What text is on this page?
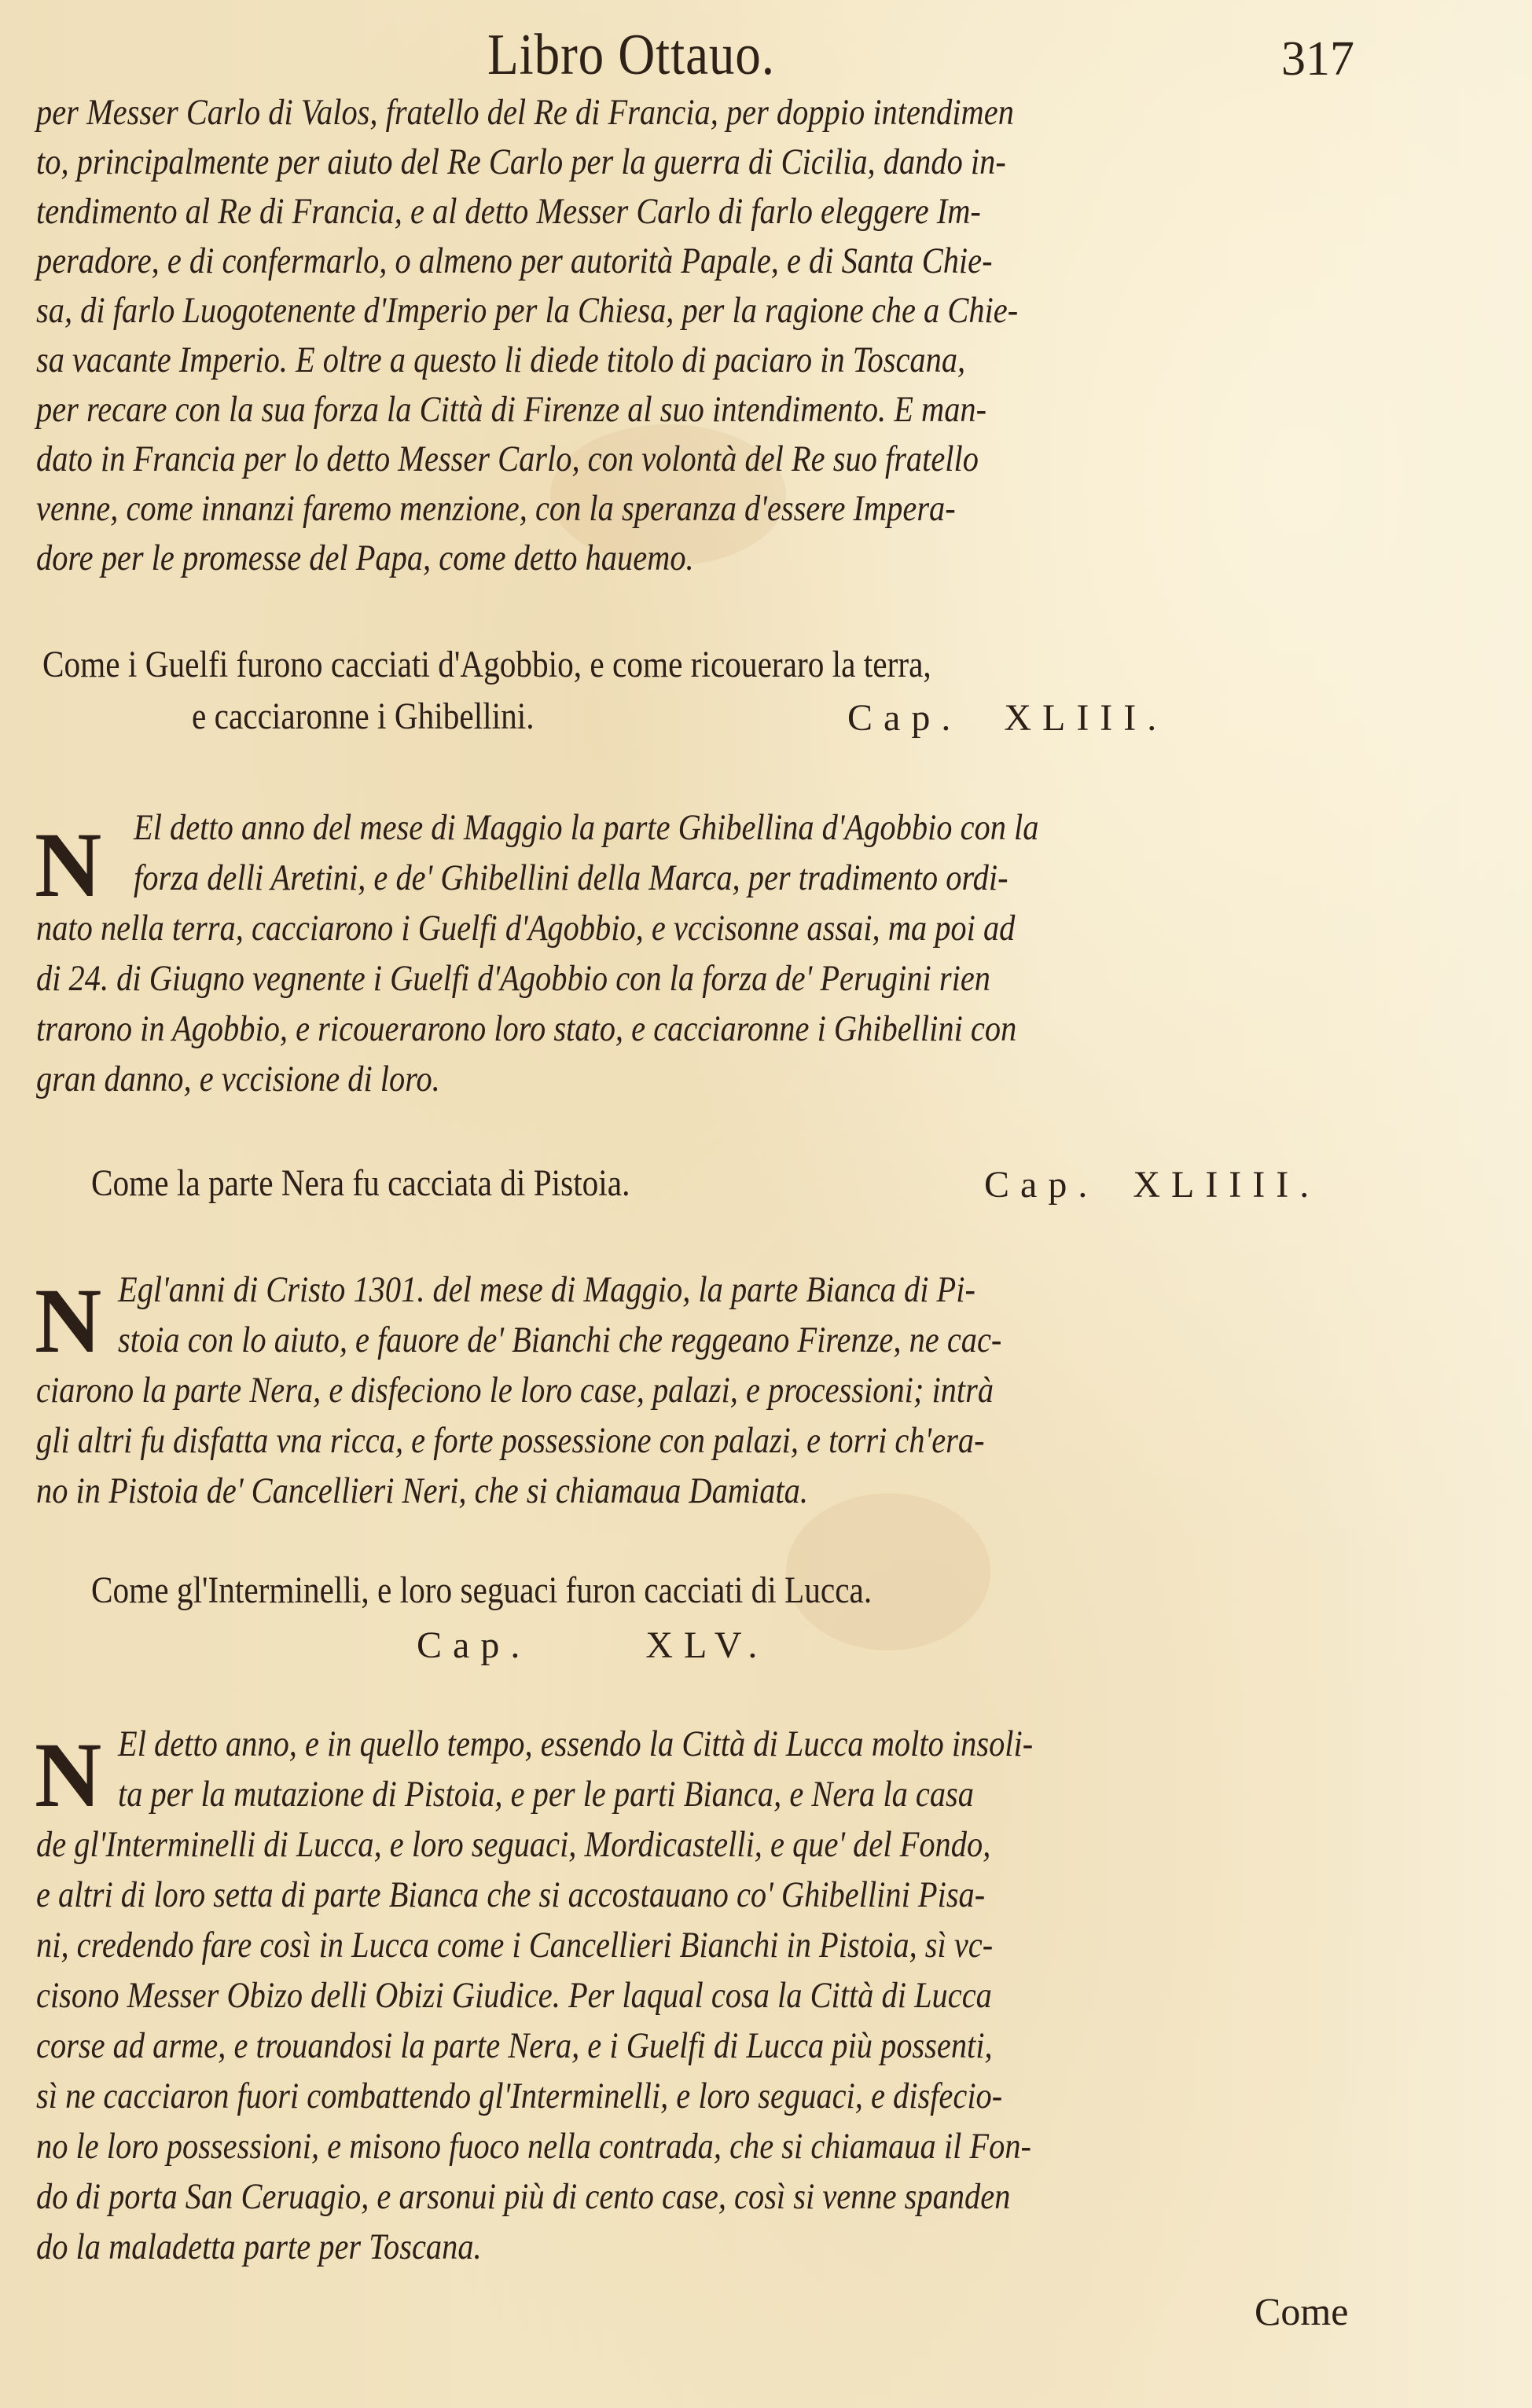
Libro Ottauo.	317
per Messer Carlo di Valos, fratello del Re di Francia, per doppio intendimen
to, principalmente per aiuto del Re Carlo per la guerra di Cicilia, dando in-
tendimento al Re di Francia, e al detto Messer Carlo di farlo eleggere Im-
peradore, e di confermarlo, o almeno per autorità Papale, e di Santa Chie-
sa, di farlo Luogotenente d'Imperio per la Chiesa, per la ragione che a Chie-
sa vacante Imperio. E oltre a questo li diede titolo di paciaro in Toscana,
per recare con la sua forza la Città di Firenze al suo intendimento. E man-
dato in Francia per lo detto Messer Carlo, con volontà del Re suo fratello
venne, come innanzi faremo menzione, con la speranza d'essere Impera-
dore per le promesse del Papa, come detto hauemo.
Come i Guelfi furono cacciati d'Agobbio, e come ricoueraro la terra,
e cacciaronne i Ghibellini.	Cap. XLIII.
N El detto anno del mese di Maggio la parte Ghibellina d'Agobbio con la
forza delli Aretini, e de' Ghibellini della Marca, per tradimento ordi-
nato nella terra, cacciarono i Guelfi d'Agobbio, e vccisonne assai, ma poi ad
di 24. di Giugno vegnente i Guelfi d'Agobbio con la forza de' Perugini rien
trarono in Agobbio, e ricouerarono loro stato, e cacciaronne i Ghibellini con
gran danno, e vccisione di loro.
Come la parte Nera fu cacciata di Pistoia.	Cap. XLIIII.
N Egl'anni di Cristo 1301. del mese di Maggio, la parte Bianca di Pi-
stoia con lo aiuto, e fauore de' Bianchi che reggeano Firenze, ne cac-
ciarono la parte Nera, e disfeciono le loro case, palazi, e processioni; intrà
gli altri fu disfatta vna ricca, e forte possessione con palazi, e torri ch'era-
no in Pistoia de' Cancellieri Neri, che si chiamaua Damiata.
Come gl'Interminelli, e loro seguaci furon cacciati di Lucca.
Cap.	XLV.
N El detto anno, e in quello tempo, essendo la Città di Lucca molto insoli-
ta per la mutazione di Pistoia, e per le parti Bianca, e Nera la casa
de gl'Interminelli di Lucca, e loro seguaci, Mordicastelli, e que' del Fondo,
e altri di loro setta di parte Bianca che si accostauano co' Ghibellini Pisa-
ni, credendo fare così in Lucca come i Cancellieri Bianchi in Pistoia, sì vc-
cisono Messer Obizo delli Obizi Giudice. Per laqual cosa la Città di Lucca
corse ad arme, e trouandosi la parte Nera, e i Guelfi di Lucca più possenti,
sì ne cacciaron fuori combattendo gl'Interminelli, e loro seguaci, e disfecio-
no le loro possessioni, e misono fuoco nella contrada, che si chiamaua il Fon-
do di porta San Ceruagio, e arsonui più di cento case, così si venne spanden
do la maladetta parte per Toscana.
Come
